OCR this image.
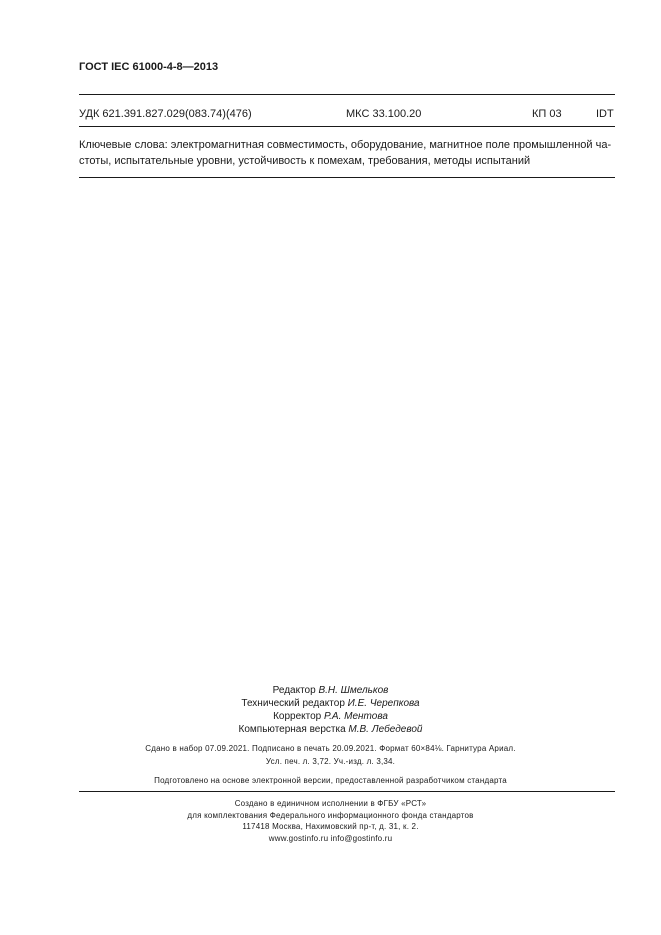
ГОСТ IEC 61000-4-8—2013
УДК 621.391.827.029(083.74)(476)	МКС 33.100.20	КП 03	IDT
Ключевые слова: электромагнитная совместимость, оборудование, магнитное поле промышленной ча-
стоты, испытательные уровни, устойчивость к помехам, требования, методы испытаний
Редактор В.Н. Шмельков
Технический редактор И.Е. Черепкова
Корректор Р.А. Ментова
Компьютерная верстка М.В. Лебедевой
Сдано в набор 07.09.2021. Подписано в печать 20.09.2021. Формат 60×84⅛. Гарнитура Ариал.
Усл. печ. л. 3,72. Уч.-изд. л. 3,34.
Подготовлено на основе электронной версии, предоставленной разработчиком стандарта
Создано в единичном исполнении в ФГБУ «РСТ»
для комплектования Федерального информационного фонда стандартов
117418 Москва, Нахимовский пр-т, д. 31, к. 2.
www.gostinfo.ru info@gostinfo.ru
